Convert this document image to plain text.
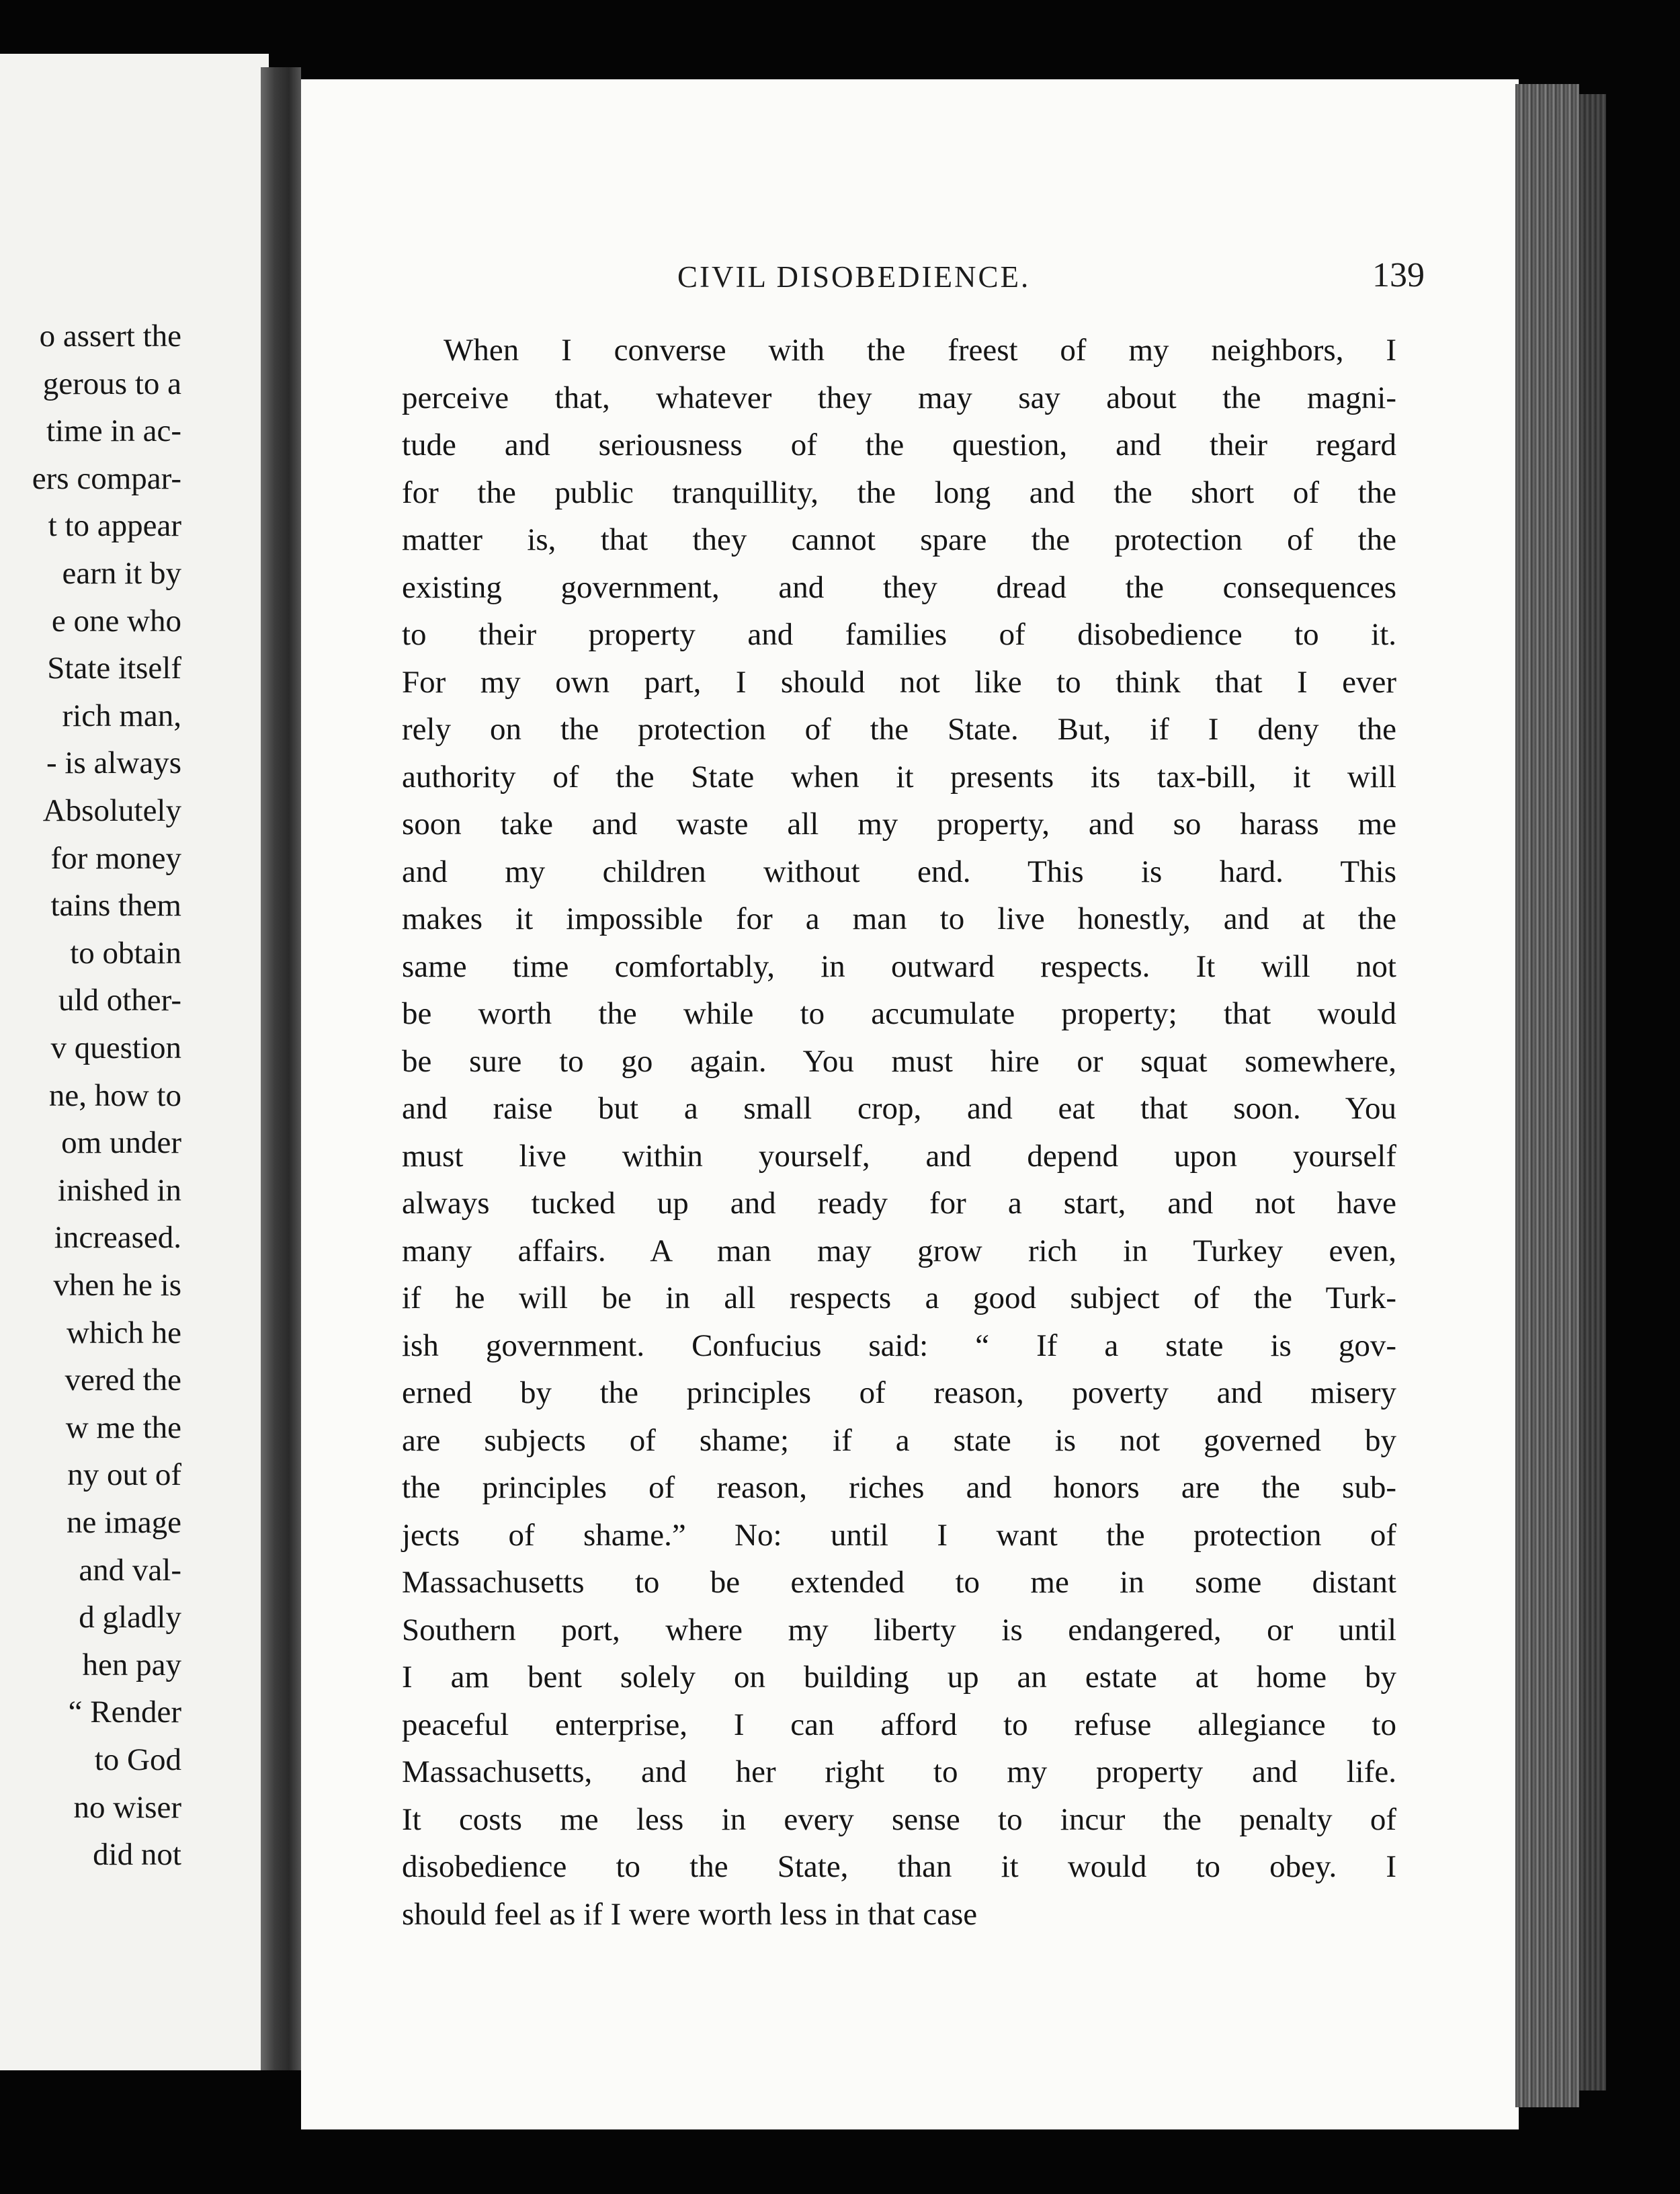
o assert the
gerous to a
time in ac-
ers compar-
t to appear
earn it by
e one who
State itself
rich man,
- is always
Absolutely
for money
tains them
to obtain
uld other-
v question
ne, how to
om under
inished in
increased.
vhen he is
which he
vered the
w me the
ny out of
ne image
and val-
d gladly
hen pay
“ Render
to God
no wiser
did not
CIVIL DISOBEDIENCE.	139
When I converse with the freest of my neighbors, I
perceive that, whatever they may say about the magni-
tude and seriousness of the question, and their regard
for the public tranquillity, the long and the short of the
matter is, that they cannot spare the protection of the
existing government, and they dread the consequences
to their property and families of disobedience to it.
For my own part, I should not like to think that I ever
rely on the protection of the State. But, if I deny the
authority of the State when it presents its tax-bill, it will
soon take and waste all my property, and so harass me
and my children without end. This is hard. This
makes it impossible for a man to live honestly, and at the
same time comfortably, in outward respects. It will not
be worth the while to accumulate property; that would
be sure to go again. You must hire or squat somewhere,
and raise but a small crop, and eat that soon. You
must live within yourself, and depend upon yourself
always tucked up and ready for a start, and not have
many affairs. A man may grow rich in Turkey even,
if he will be in all respects a good subject of the Turk-
ish government. Confucius said: “ If a state is gov-
erned by the principles of reason, poverty and misery
are subjects of shame; if a state is not governed by
the principles of reason, riches and honors are the sub-
jects of shame.” No: until I want the protection of
Massachusetts to be extended to me in some distant
Southern port, where my liberty is endangered, or until
I am bent solely on building up an estate at home by
peaceful enterprise, I can afford to refuse allegiance to
Massachusetts, and her right to my property and life.
It costs me less in every sense to incur the penalty of
disobedience to the State, than it would to obey. I
should feel as if I were worth less in that case
